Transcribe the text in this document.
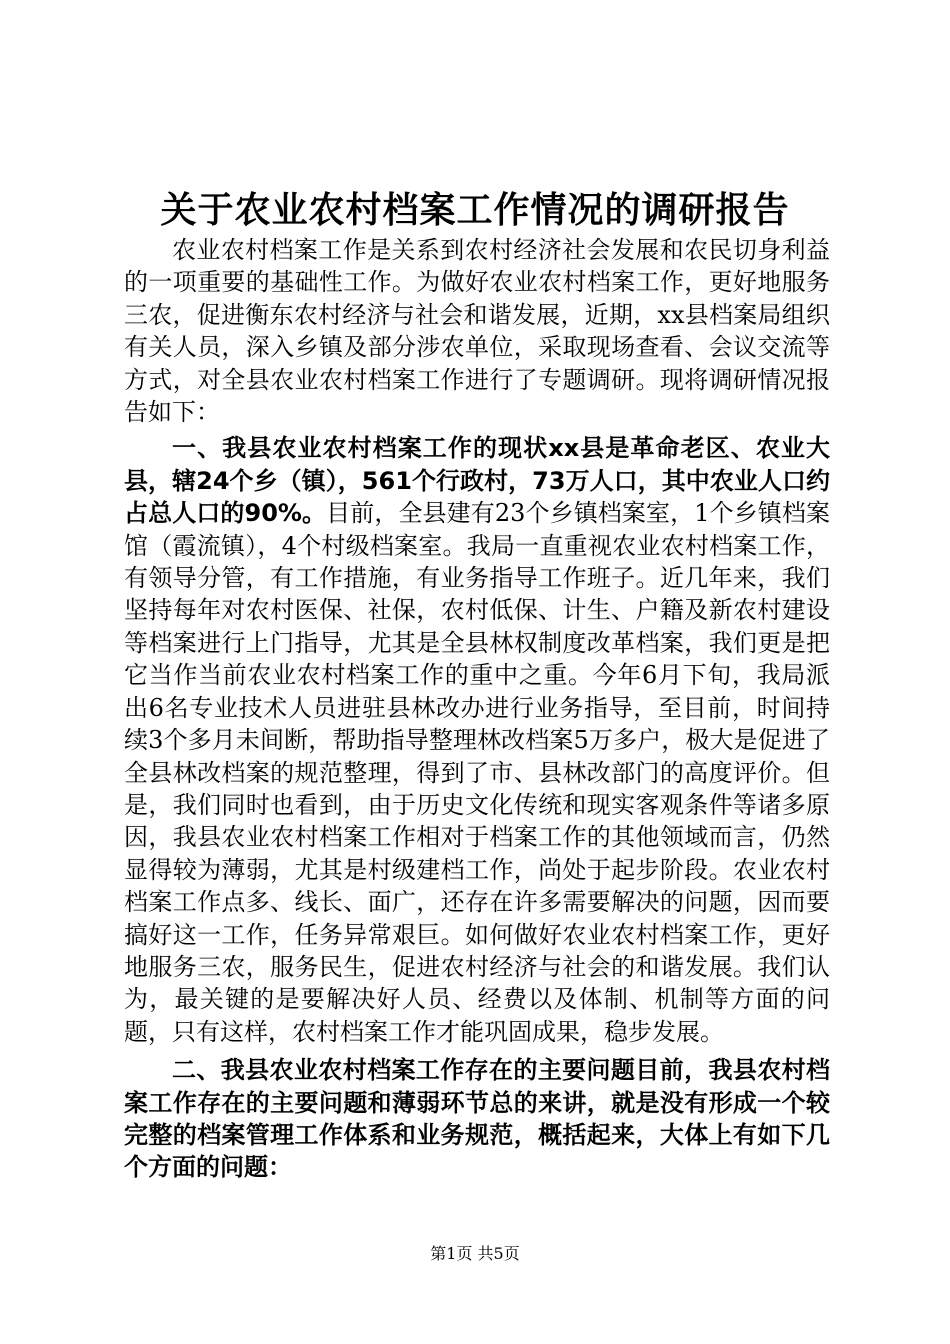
关于农业农村档案工作情况的调研报告

农业农村档案工作是关系到农村经济社会发展和农民切身利益的一项重要的基础性工作。为做好农业农村档案工作，更好地服务三农，促进衡东农村经济与社会和谐发展，近期，xx县档案局组织有关人员，深入乡镇及部分涉农单位，采取现场查看、会议交流等方式，对全县农业农村档案工作进行了专题调研。现将调研情况报告如下：

一、我县农业农村档案工作的现状xx县是革命老区、农业大县，辖24个乡（镇），561个行政村，73万人口，其中农业人口约占总人口的90%。目前，全县建有23个乡镇档案室，1个乡镇档案馆（霞流镇），4个村级档案室。我局一直重视农业农村档案工作，有领导分管，有工作措施，有业务指导工作班子。近几年来，我们坚持每年对农村医保、社保，农村低保、计生、户籍及新农村建设等档案进行上门指导，尤其是全县林权制度改革档案，我们更是把它当作当前农业农村档案工作的重中之重。今年6月下旬，我局派出6名专业技术人员进驻县林改办进行业务指导，至目前，时间持续3个多月未间断，帮助指导整理林改档案5万多户，极大是促进了全县林改档案的规范整理，得到了市、县林改部门的高度评价。但是，我们同时也看到，由于历史文化传统和现实客观条件等诸多原因，我县农业农村档案工作相对于档案工作的其他领域而言，仍然显得较为薄弱，尤其是村级建档工作，尚处于起步阶段。农业农村档案工作点多、线长、面广，还存在许多需要解决的问题，因而要搞好这一工作，任务异常艰巨。如何做好农业农村档案工作，更好地服务三农，服务民生，促进农村经济与社会的和谐发展。我们认为，最关键的是要解决好人员、经费以及体制、机制等方面的问题，只有这样，农村档案工作才能巩固成果，稳步发展。

二、我县农业农村档案工作存在的主要问题目前，我县农村档案工作存在的主要问题和薄弱环节总的来讲，就是没有形成一个较完整的档案管理工作体系和业务规范，概括起来，大体上有如下几个方面的问题：

第1页 共5页
